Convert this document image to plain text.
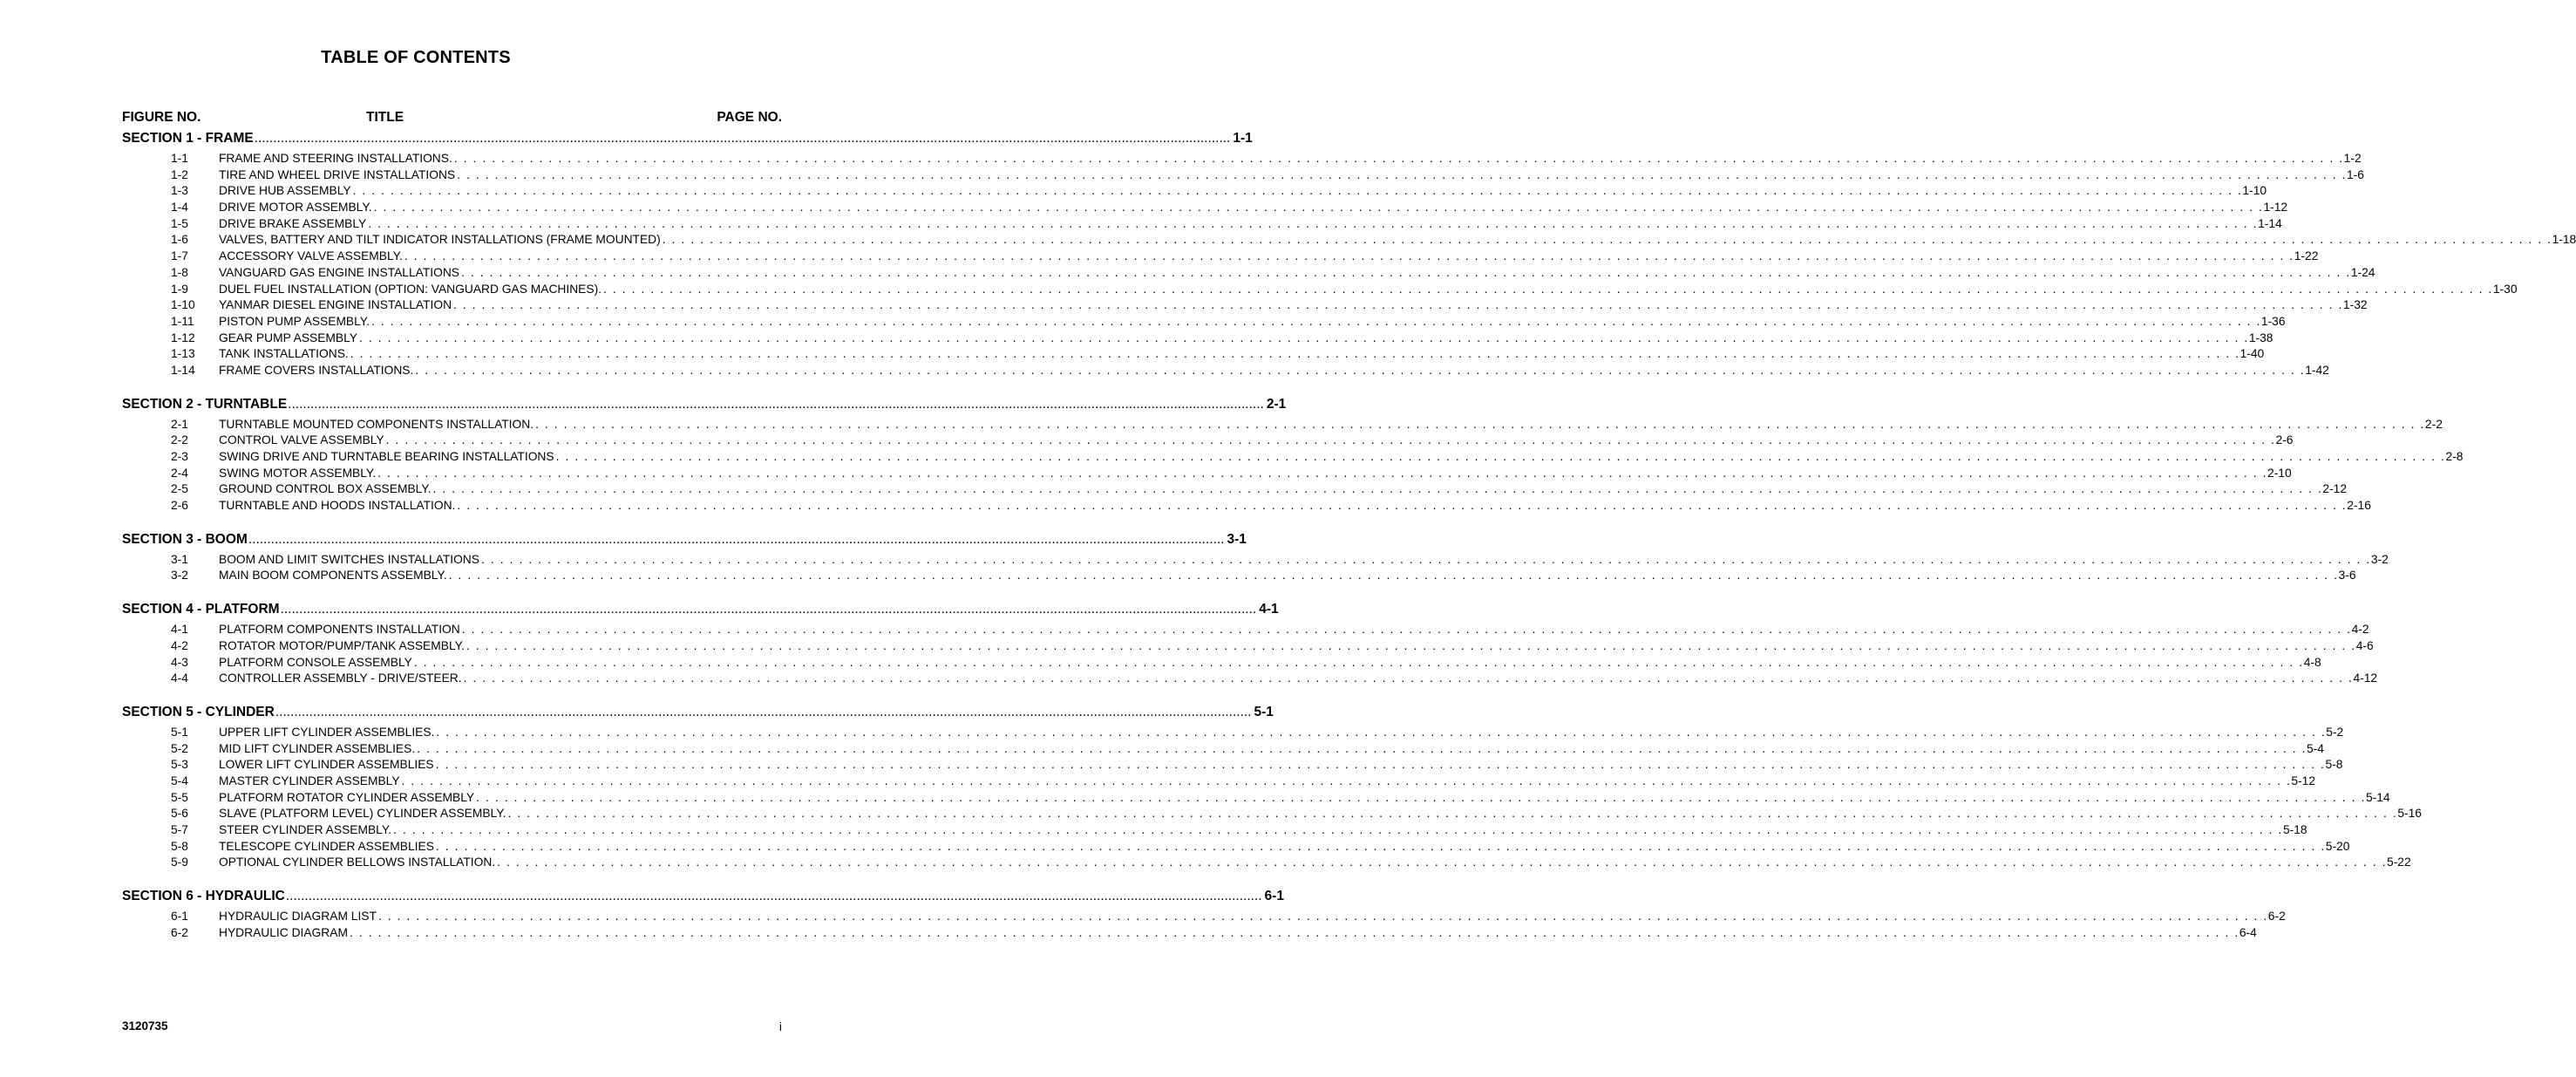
TABLE OF CONTENTS
FIGURE NO.	TITLE	PAGE NO.
SECTION 1 - FRAME .................................................................................................................................................................................................................................................................... 1-1
1-1	FRAME AND STEERING INSTALLATIONS. . . . . . . . . . . . . . . . . . . . . . . . . . . . . . . . . . . . . . . . . . . . . . . . . . . . . . . . . . . . . . . . . . . . . . . . . . . . . . . . . . . . . . . . . . . . . . . . . . . . . . . . . . . . . . . . . . . . . . . . . . . . . . . . . . . . . . . . . . . . . . . . . . . . . . . . . . . . . . . . . . . . . . . . . . . . . . . . . . . . . . . . . . . . . . . . . . . . . . . . . 1-2
1-2	TIRE AND WHEEL DRIVE INSTALLATIONS . . . . . . . . . . . . . . . . . . . . . . . . . . . . . . . . . . . . . . . . . . . . . . . . . . . . . . . . . . . . . . . . . . . . . . . . . . . . . . . . . . . . . . . . . . . . . . . . . . . . . . . . . . . . . . . . . . . . . . . . . . . . . . . . . . . . . . . . . . . . . . . . . . . . . . . . . . . . . . . . . . . . . . . . . . . . . . . . . . . . . . . . . . . . . . . . . . . . . . . . 1-6
1-3	DRIVE HUB ASSEMBLY . . . . . . . . . . . . . . . . . . . . . . . . . . . . . . . . . . . . . . . . . . . . . . . . . . . . . . . . . . . . . . . . . . . . . . . . . . . . . . . . . . . . . . . . . . . . . . . . . . . . . . . . . . . . . . . . . . . . . . . . . . . . . . . . . . . . . . . . . . . . . . . . . . . . . . . . . . . . . . . . . . . . . . . . . . . . . . . . . . . . . . . . . . . . . . . . . . . . . . . . 1-10
1-4	DRIVE MOTOR ASSEMBLY. . . . . . . . . . . . . . . . . . . . . . . . . . . . . . . . . . . . . . . . . . . . . . . . . . . . . . . . . . . . . . . . . . . . . . . . . . . . . . . . . . . . . . . . . . . . . . . . . . . . . . . . . . . . . . . . . . . . . . . . . . . . . . . . . . . . . . . . . . . . . . . . . . . . . . . . . . . . . . . . . . . . . . . . . . . . . . . . . . . . . . . . . . . . . . . . . . . . . . . . . 1-12
1-5	DRIVE BRAKE ASSEMBLY . . . . . . . . . . . . . . . . . . . . . . . . . . . . . . . . . . . . . . . . . . . . . . . . . . . . . . . . . . . . . . . . . . . . . . . . . . . . . . . . . . . . . . . . . . . . . . . . . . . . . . . . . . . . . . . . . . . . . . . . . . . . . . . . . . . . . . . . . . . . . . . . . . . . . . . . . . . . . . . . . . . . . . . . . . . . . . . . . . . . . . . . . . . . . . . . . . . . . . . . 1-14
1-6	VALVES, BATTERY AND TILT INDICATOR INSTALLATIONS (FRAME MOUNTED) . . . . . . . . . . . . . . . . . . . . . . . . . . . . . . . . . . . . . . . . . . . . . . . . . . . . . . . . . . . . . . . . . . . . . . . . . . . . . . . . . . . . . . . . . . . . . . . . . . . . . . . . . . . . . . . . . . . . . . . . . . . . . . . . . . . . . . . . . . . . . . . . . . . . . . . . . . . . . . . . . . . . . . . . . . . . . . . . . . . . . . . . . . . . . . . . . . . . . . . . 1-18
1-7	ACCESSORY VALVE ASSEMBLY. . . . . . . . . . . . . . . . . . . . . . . . . . . . . . . . . . . . . . . . . . . . . . . . . . . . . . . . . . . . . . . . . . . . . . . . . . . . . . . . . . . . . . . . . . . . . . . . . . . . . . . . . . . . . . . . . . . . . . . . . . . . . . . . . . . . . . . . . . . . . . . . . . . . . . . . . . . . . . . . . . . . . . . . . . . . . . . . . . . . . . . . . . . . . . . . . . . . . . . . . 1-22
1-8	VANGUARD GAS ENGINE INSTALLATIONS . . . . . . . . . . . . . . . . . . . . . . . . . . . . . . . . . . . . . . . . . . . . . . . . . . . . . . . . . . . . . . . . . . . . . . . . . . . . . . . . . . . . . . . . . . . . . . . . . . . . . . . . . . . . . . . . . . . . . . . . . . . . . . . . . . . . . . . . . . . . . . . . . . . . . . . . . . . . . . . . . . . . . . . . . . . . . . . . . . . . . . . . . . . . . . . . . . . . . . . . 1-24
1-9	DUEL FUEL INSTALLATION (OPTION: VANGUARD GAS MACHINES). . . . . . . . . . . . . . . . . . . . . . . . . . . . . . . . . . . . . . . . . . . . . . . . . . . . . . . . . . . . . . . . . . . . . . . . . . . . . . . . . . . . . . . . . . . . . . . . . . . . . . . . . . . . . . . . . . . . . . . . . . . . . . . . . . . . . . . . . . . . . . . . . . . . . . . . . . . . . . . . . . . . . . . . . . . . . . . . . . . . . . . . . . . . . . . . . . . . . . . . . 1-30
1-10	YANMAR DIESEL ENGINE INSTALLATION . . . . . . . . . . . . . . . . . . . . . . . . . . . . . . . . . . . . . . . . . . . . . . . . . . . . . . . . . . . . . . . . . . . . . . . . . . . . . . . . . . . . . . . . . . . . . . . . . . . . . . . . . . . . . . . . . . . . . . . . . . . . . . . . . . . . . . . . . . . . . . . . . . . . . . . . . . . . . . . . . . . . . . . . . . . . . . . . . . . . . . . . . . . . . . . . . . . . . . . . 1-32
1-11	PISTON PUMP ASSEMBLY. . . . . . . . . . . . . . . . . . . . . . . . . . . . . . . . . . . . . . . . . . . . . . . . . . . . . . . . . . . . . . . . . . . . . . . . . . . . . . . . . . . . . . . . . . . . . . . . . . . . . . . . . . . . . . . . . . . . . . . . . . . . . . . . . . . . . . . . . . . . . . . . . . . . . . . . . . . . . . . . . . . . . . . . . . . . . . . . . . . . . . . . . . . . . . . . . . . . . . . . . 1-36
1-12	GEAR PUMP ASSEMBLY . . . . . . . . . . . . . . . . . . . . . . . . . . . . . . . . . . . . . . . . . . . . . . . . . . . . . . . . . . . . . . . . . . . . . . . . . . . . . . . . . . . . . . . . . . . . . . . . . . . . . . . . . . . . . . . . . . . . . . . . . . . . . . . . . . . . . . . . . . . . . . . . . . . . . . . . . . . . . . . . . . . . . . . . . . . . . . . . . . . . . . . . . . . . . . . . . . . . . . . . 1-38
1-13	TANK INSTALLATIONS. . . . . . . . . . . . . . . . . . . . . . . . . . . . . . . . . . . . . . . . . . . . . . . . . . . . . . . . . . . . . . . . . . . . . . . . . . . . . . . . . . . . . . . . . . . . . . . . . . . . . . . . . . . . . . . . . . . . . . . . . . . . . . . . . . . . . . . . . . . . . . . . . . . . . . . . . . . . . . . . . . . . . . . . . . . . . . . . . . . . . . . . . . . . . . . . . . . . . . . . . 1-40
1-14	FRAME COVERS INSTALLATIONS. . . . . . . . . . . . . . . . . . . . . . . . . . . . . . . . . . . . . . . . . . . . . . . . . . . . . . . . . . . . . . . . . . . . . . . . . . . . . . . . . . . . . . . . . . . . . . . . . . . . . . . . . . . . . . . . . . . . . . . . . . . . . . . . . . . . . . . . . . . . . . . . . . . . . . . . . . . . . . . . . . . . . . . . . . . . . . . . . . . . . . . . . . . . . . . . . . . . . . . . . 1-42
SECTION 2 - TURNTABLE .................................................................................................................................................................................................................................................................... 2-1
2-1	TURNTABLE MOUNTED COMPONENTS INSTALLATION. . . . . . . . . . . . . . . . . . . . . . . . . . . . . . . . . . . . . . . . . . . . . . . . . . . . . . . . . . . . . . . . . . . . . . . . . . . . . . . . . . . . . . . . . . . . . . . . . . . . . . . . . . . . . . . . . . . . . . . . . . . . . . . . . . . . . . . . . . . . . . . . . . . . . . . . . . . . . . . . . . . . . . . . . . . . . . . . . . . . . . . . . . . . . . . . . . . . . . . . . 2-2
2-2	CONTROL VALVE ASSEMBLY . . . . . . . . . . . . . . . . . . . . . . . . . . . . . . . . . . . . . . . . . . . . . . . . . . . . . . . . . . . . . . . . . . . . . . . . . . . . . . . . . . . . . . . . . . . . . . . . . . . . . . . . . . . . . . . . . . . . . . . . . . . . . . . . . . . . . . . . . . . . . . . . . . . . . . . . . . . . . . . . . . . . . . . . . . . . . . . . . . . . . . . . . . . . . . . . . . . . . . . . 2-6
2-3	SWING DRIVE AND TURNTABLE BEARING INSTALLATIONS . . . . . . . . . . . . . . . . . . . . . . . . . . . . . . . . . . . . . . . . . . . . . . . . . . . . . . . . . . . . . . . . . . . . . . . . . . . . . . . . . . . . . . . . . . . . . . . . . . . . . . . . . . . . . . . . . . . . . . . . . . . . . . . . . . . . . . . . . . . . . . . . . . . . . . . . . . . . . . . . . . . . . . . . . . . . . . . . . . . . . . . . . . . . . . . . . . . . . . . . 2-8
2-4	SWING MOTOR ASSEMBLY. . . . . . . . . . . . . . . . . . . . . . . . . . . . . . . . . . . . . . . . . . . . . . . . . . . . . . . . . . . . . . . . . . . . . . . . . . . . . . . . . . . . . . . . . . . . . . . . . . . . . . . . . . . . . . . . . . . . . . . . . . . . . . . . . . . . . . . . . . . . . . . . . . . . . . . . . . . . . . . . . . . . . . . . . . . . . . . . . . . . . . . . . . . . . . . . . . . . . . . . . 2-10
2-5	GROUND CONTROL BOX ASSEMBLY. . . . . . . . . . . . . . . . . . . . . . . . . . . . . . . . . . . . . . . . . . . . . . . . . . . . . . . . . . . . . . . . . . . . . . . . . . . . . . . . . . . . . . . . . . . . . . . . . . . . . . . . . . . . . . . . . . . . . . . . . . . . . . . . . . . . . . . . . . . . . . . . . . . . . . . . . . . . . . . . . . . . . . . . . . . . . . . . . . . . . . . . . . . . . . . . . . . . . . . . . 2-12
2-6	TURNTABLE AND HOODS INSTALLATION. . . . . . . . . . . . . . . . . . . . . . . . . . . . . . . . . . . . . . . . . . . . . . . . . . . . . . . . . . . . . . . . . . . . . . . . . . . . . . . . . . . . . . . . . . . . . . . . . . . . . . . . . . . . . . . . . . . . . . . . . . . . . . . . . . . . . . . . . . . . . . . . . . . . . . . . . . . . . . . . . . . . . . . . . . . . . . . . . . . . . . . . . . . . . . . . . . . . . . . . . 2-16
SECTION 3 - BOOM .................................................................................................................................................................................................................................................................... 3-1
3-1	BOOM AND LIMIT SWITCHES INSTALLATIONS . . . . . . . . . . . . . . . . . . . . . . . . . . . . . . . . . . . . . . . . . . . . . . . . . . . . . . . . . . . . . . . . . . . . . . . . . . . . . . . . . . . . . . . . . . . . . . . . . . . . . . . . . . . . . . . . . . . . . . . . . . . . . . . . . . . . . . . . . . . . . . . . . . . . . . . . . . . . . . . . . . . . . . . . . . . . . . . . . . . . . . . . . . . . . . . . . . . . . . . . 3-2
3-2	MAIN BOOM COMPONENTS ASSEMBLY. . . . . . . . . . . . . . . . . . . . . . . . . . . . . . . . . . . . . . . . . . . . . . . . . . . . . . . . . . . . . . . . . . . . . . . . . . . . . . . . . . . . . . . . . . . . . . . . . . . . . . . . . . . . . . . . . . . . . . . . . . . . . . . . . . . . . . . . . . . . . . . . . . . . . . . . . . . . . . . . . . . . . . . . . . . . . . . . . . . . . . . . . . . . . . . . . . . . . . . . . 3-6
SECTION 4 - PLATFORM .................................................................................................................................................................................................................................................................... 4-1
4-1	PLATFORM COMPONENTS INSTALLATION . . . . . . . . . . . . . . . . . . . . . . . . . . . . . . . . . . . . . . . . . . . . . . . . . . . . . . . . . . . . . . . . . . . . . . . . . . . . . . . . . . . . . . . . . . . . . . . . . . . . . . . . . . . . . . . . . . . . . . . . . . . . . . . . . . . . . . . . . . . . . . . . . . . . . . . . . . . . . . . . . . . . . . . . . . . . . . . . . . . . . . . . . . . . . . . . . . . . . . . . 4-2
4-2	ROTATOR MOTOR/PUMP/TANK ASSEMBLY. . . . . . . . . . . . . . . . . . . . . . . . . . . . . . . . . . . . . . . . . . . . . . . . . . . . . . . . . . . . . . . . . . . . . . . . . . . . . . . . . . . . . . . . . . . . . . . . . . . . . . . . . . . . . . . . . . . . . . . . . . . . . . . . . . . . . . . . . . . . . . . . . . . . . . . . . . . . . . . . . . . . . . . . . . . . . . . . . . . . . . . . . . . . . . . . . . . . . . . . . 4-6
4-3	PLATFORM CONSOLE ASSEMBLY . . . . . . . . . . . . . . . . . . . . . . . . . . . . . . . . . . . . . . . . . . . . . . . . . . . . . . . . . . . . . . . . . . . . . . . . . . . . . . . . . . . . . . . . . . . . . . . . . . . . . . . . . . . . . . . . . . . . . . . . . . . . . . . . . . . . . . . . . . . . . . . . . . . . . . . . . . . . . . . . . . . . . . . . . . . . . . . . . . . . . . . . . . . . . . . . . . . . . . . . 4-8
4-4	CONTROLLER ASSEMBLY - DRIVE/STEER. . . . . . . . . . . . . . . . . . . . . . . . . . . . . . . . . . . . . . . . . . . . . . . . . . . . . . . . . . . . . . . . . . . . . . . . . . . . . . . . . . . . . . . . . . . . . . . . . . . . . . . . . . . . . . . . . . . . . . . . . . . . . . . . . . . . . . . . . . . . . . . . . . . . . . . . . . . . . . . . . . . . . . . . . . . . . . . . . . . . . . . . . . . . . . . . . . . . . . . . . 4-12
SECTION 5 - CYLINDER .................................................................................................................................................................................................................................................................... 5-1
5-1	UPPER LIFT CYLINDER ASSEMBLIES. . . . . . . . . . . . . . . . . . . . . . . . . . . . . . . . . . . . . . . . . . . . . . . . . . . . . . . . . . . . . . . . . . . . . . . . . . . . . . . . . . . . . . . . . . . . . . . . . . . . . . . . . . . . . . . . . . . . . . . . . . . . . . . . . . . . . . . . . . . . . . . . . . . . . . . . . . . . . . . . . . . . . . . . . . . . . . . . . . . . . . . . . . . . . . . . . . . . . . . . . 5-2
5-2	MID LIFT CYLINDER ASSEMBLIES. . . . . . . . . . . . . . . . . . . . . . . . . . . . . . . . . . . . . . . . . . . . . . . . . . . . . . . . . . . . . . . . . . . . . . . . . . . . . . . . . . . . . . . . . . . . . . . . . . . . . . . . . . . . . . . . . . . . . . . . . . . . . . . . . . . . . . . . . . . . . . . . . . . . . . . . . . . . . . . . . . . . . . . . . . . . . . . . . . . . . . . . . . . . . . . . . . . . . . . . . 5-4
5-3	LOWER LIFT CYLINDER ASSEMBLIES . . . . . . . . . . . . . . . . . . . . . . . . . . . . . . . . . . . . . . . . . . . . . . . . . . . . . . . . . . . . . . . . . . . . . . . . . . . . . . . . . . . . . . . . . . . . . . . . . . . . . . . . . . . . . . . . . . . . . . . . . . . . . . . . . . . . . . . . . . . . . . . . . . . . . . . . . . . . . . . . . . . . . . . . . . . . . . . . . . . . . . . . . . . . . . . . . . . . . . . . 5-8
5-4	MASTER CYLINDER ASSEMBLY . . . . . . . . . . . . . . . . . . . . . . . . . . . . . . . . . . . . . . . . . . . . . . . . . . . . . . . . . . . . . . . . . . . . . . . . . . . . . . . . . . . . . . . . . . . . . . . . . . . . . . . . . . . . . . . . . . . . . . . . . . . . . . . . . . . . . . . . . . . . . . . . . . . . . . . . . . . . . . . . . . . . . . . . . . . . . . . . . . . . . . . . . . . . . . . . . . . . . . . . 5-12
5-5	PLATFORM ROTATOR CYLINDER ASSEMBLY . . . . . . . . . . . . . . . . . . . . . . . . . . . . . . . . . . . . . . . . . . . . . . . . . . . . . . . . . . . . . . . . . . . . . . . . . . . . . . . . . . . . . . . . . . . . . . . . . . . . . . . . . . . . . . . . . . . . . . . . . . . . . . . . . . . . . . . . . . . . . . . . . . . . . . . . . . . . . . . . . . . . . . . . . . . . . . . . . . . . . . . . . . . . . . . . . . . . . . . . 5-14
5-6	SLAVE (PLATFORM LEVEL) CYLINDER ASSEMBLY. . . . . . . . . . . . . . . . . . . . . . . . . . . . . . . . . . . . . . . . . . . . . . . . . . . . . . . . . . . . . . . . . . . . . . . . . . . . . . . . . . . . . . . . . . . . . . . . . . . . . . . . . . . . . . . . . . . . . . . . . . . . . . . . . . . . . . . . . . . . . . . . . . . . . . . . . . . . . . . . . . . . . . . . . . . . . . . . . . . . . . . . . . . . . . . . . . . . . . . . . 5-16
5-7	STEER CYLINDER ASSEMBLY. . . . . . . . . . . . . . . . . . . . . . . . . . . . . . . . . . . . . . . . . . . . . . . . . . . . . . . . . . . . . . . . . . . . . . . . . . . . . . . . . . . . . . . . . . . . . . . . . . . . . . . . . . . . . . . . . . . . . . . . . . . . . . . . . . . . . . . . . . . . . . . . . . . . . . . . . . . . . . . . . . . . . . . . . . . . . . . . . . . . . . . . . . . . . . . . . . . . . . . . . 5-18
5-8	TELESCOPE CYLINDER ASSEMBLIES . . . . . . . . . . . . . . . . . . . . . . . . . . . . . . . . . . . . . . . . . . . . . . . . . . . . . . . . . . . . . . . . . . . . . . . . . . . . . . . . . . . . . . . . . . . . . . . . . . . . . . . . . . . . . . . . . . . . . . . . . . . . . . . . . . . . . . . . . . . . . . . . . . . . . . . . . . . . . . . . . . . . . . . . . . . . . . . . . . . . . . . . . . . . . . . . . . . . . . . . 5-20
5-9	OPTIONAL CYLINDER BELLOWS INSTALLATION. . . . . . . . . . . . . . . . . . . . . . . . . . . . . . . . . . . . . . . . . . . . . . . . . . . . . . . . . . . . . . . . . . . . . . . . . . . . . . . . . . . . . . . . . . . . . . . . . . . . . . . . . . . . . . . . . . . . . . . . . . . . . . . . . . . . . . . . . . . . . . . . . . . . . . . . . . . . . . . . . . . . . . . . . . . . . . . . . . . . . . . . . . . . . . . . . . . . . . . . . 5-22
SECTION 6 - HYDRAULIC .................................................................................................................................................................................................................................................................... 6-1
6-1	HYDRAULIC DIAGRAM LIST . . . . . . . . . . . . . . . . . . . . . . . . . . . . . . . . . . . . . . . . . . . . . . . . . . . . . . . . . . . . . . . . . . . . . . . . . . . . . . . . . . . . . . . . . . . . . . . . . . . . . . . . . . . . . . . . . . . . . . . . . . . . . . . . . . . . . . . . . . . . . . . . . . . . . . . . . . . . . . . . . . . . . . . . . . . . . . . . . . . . . . . . . . . . . . . . . . . . . . . . 6-2
6-2	HYDRAULIC DIAGRAM . . . . . . . . . . . . . . . . . . . . . . . . . . . . . . . . . . . . . . . . . . . . . . . . . . . . . . . . . . . . . . . . . . . . . . . . . . . . . . . . . . . . . . . . . . . . . . . . . . . . . . . . . . . . . . . . . . . . . . . . . . . . . . . . . . . . . . . . . . . . . . . . . . . . . . . . . . . . . . . . . . . . . . . . . . . . . . . . . . . . . . . . . . . . . . . . . . . . . . . . 6-4
3120735	i
